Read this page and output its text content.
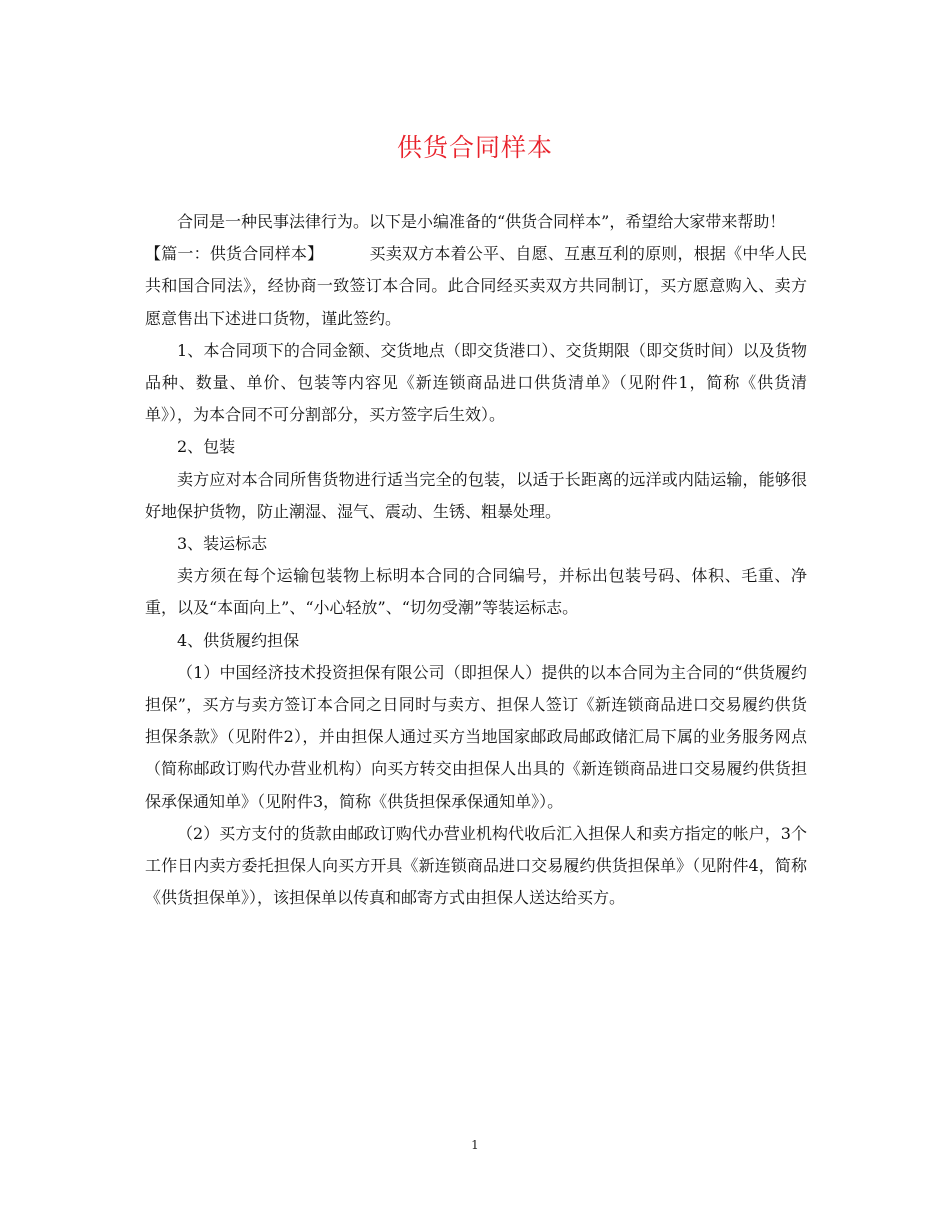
供货合同样本

合同是一种民事法律行为。以下是小编准备的“供货合同样本”，希望给大家带来帮助！

【篇一：供货合同样本】	买卖双方本着公平、自愿、互惠互利的原则，根据《中华人民共和国合同法》，经协商一致签订本合同。此合同经买卖双方共同制订，买方愿意购入、卖方愿意售出下述进口货物，谨此签约。

1、本合同项下的合同金额、交货地点（即交货港口）、交货期限（即交货时间）以及货物品种、数量、单价、包装等内容见《新连锁商品进口供货清单》（见附件1，简称《供货清单》），为本合同不可分割部分，买方签字后生效）。

2、包装

卖方应对本合同所售货物进行适当完全的包装，以适于长距离的远洋或内陆运输，能够很好地保护货物，防止潮湿、湿气、震动、生锈、粗暴处理。

3、装运标志

卖方须在每个运输包装物上标明本合同的合同编号，并标出包装号码、体积、毛重、净重，以及“本面向上”、“小心轻放”、“切勿受潮”等装运标志。

4、供货履约担保

（1）中国经济技术投资担保有限公司（即担保人）提供的以本合同为主合同的“供货履约担保”，买方与卖方签订本合同之日同时与卖方、担保人签订《新连锁商品进口交易履约供货担保条款》（见附件2），并由担保人通过买方当地国家邮政局邮政储汇局下属的业务服务网点（简称邮政订购代办营业机构）向买方转交由担保人出具的《新连锁商品进口交易履约供货担保承保通知单》（见附件3，简称《供货担保承保通知单》）。

（2）买方支付的货款由邮政订购代办营业机构代收后汇入担保人和卖方指定的帐户，3个工作日内卖方委托担保人向买方开具《新连锁商品进口交易履约供货担保单》（见附件4，简称《供货担保单》），该担保单以传真和邮寄方式由担保人送达给买方。

1
